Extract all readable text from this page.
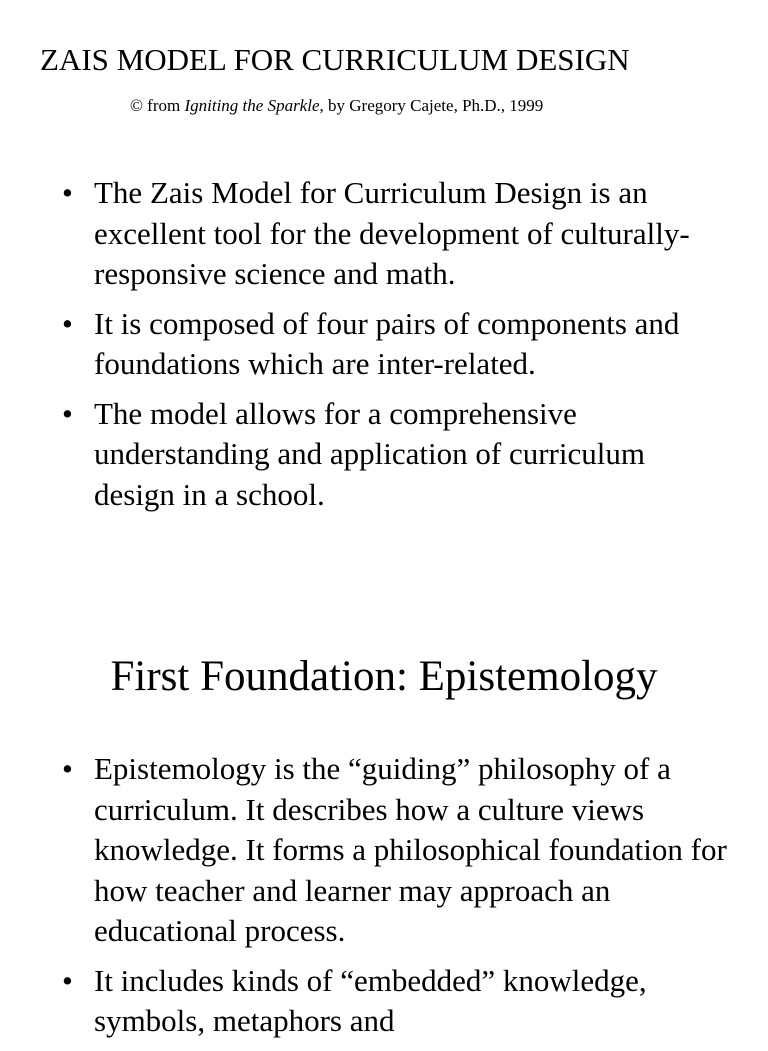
ZAIS MODEL FOR CURRICULUM DESIGN
© from Igniting the Sparkle, by Gregory Cajete, Ph.D., 1999
• The Zais Model for Curriculum Design is an excellent tool for the development of culturally-responsive science and math.
• It is composed of four pairs of components and foundations which are inter-related.
• The model allows for a comprehensive understanding and application of curriculum design in a school.
First Foundation: Epistemology
• Epistemology is the “guiding” philosophy of a curriculum. It describes how a culture views knowledge. It forms a philosophical foundation for how teacher and learner may approach an educational process.
• It includes kinds of “embedded” knowledge, symbols, metaphors and
